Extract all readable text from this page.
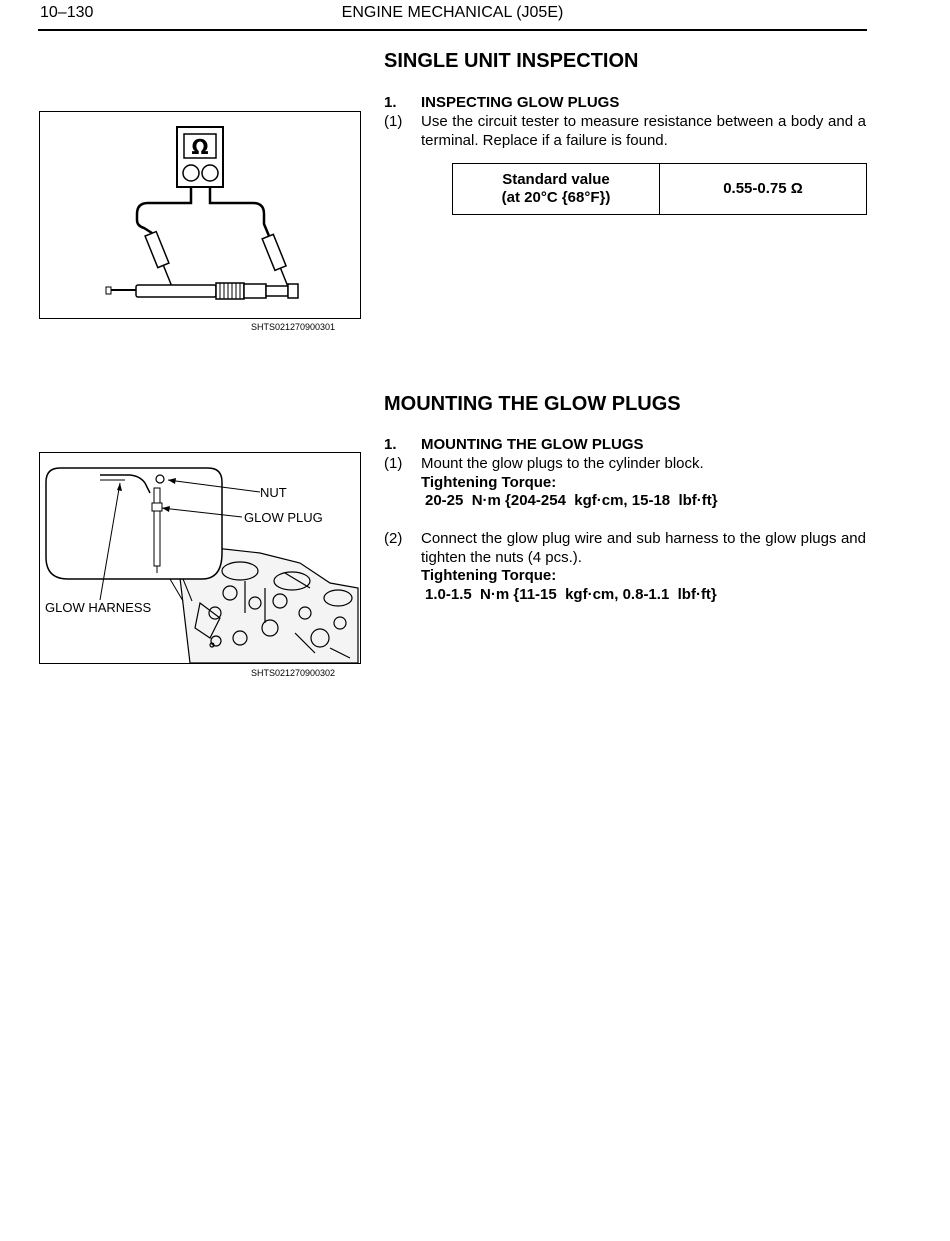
10–130	ENGINE MECHANICAL (J05E)
SINGLE UNIT INSPECTION
1. INSPECTING GLOW PLUGS
(1) Use the circuit tester to measure resistance between a body and a terminal. Replace if a failure is found.
Standard value
(at 20°C {68°F})
0.55-0.75 Ω
Ω
SHTS021270900301
MOUNTING THE GLOW PLUGS
1. MOUNTING THE GLOW PLUGS
(1) Mount the glow plugs to the cylinder block.
Tightening Torque:
20-25  N·m {204-254  kgf·cm, 15-18  lbf·ft}
(2) Connect the glow plug wire and sub harness to the glow plugs and tighten the nuts (4 pcs.).
Tightening Torque:
1.0-1.5  N·m {11-15  kgf·cm, 0.8-1.1  lbf·ft}
NUT
GLOW PLUG
GLOW HARNESS
SHTS021270900302
